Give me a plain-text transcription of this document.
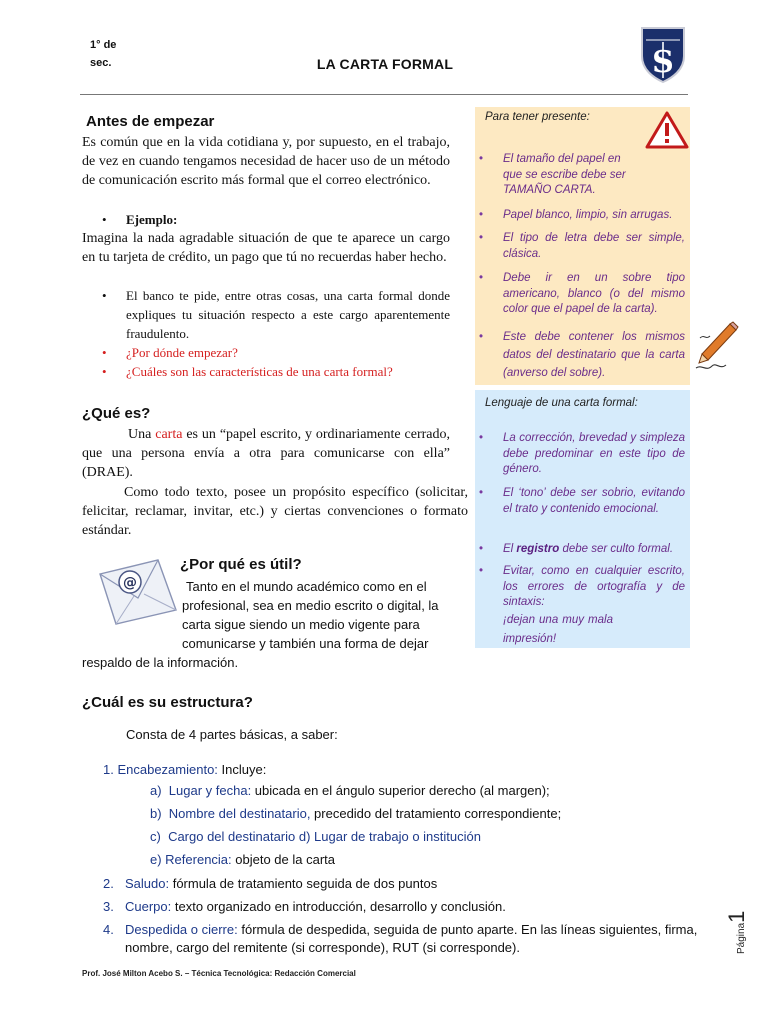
1° de
sec.	LA CARTA FORMAL	S
Antes de empezar
Es común que en la vida cotidiana y, por supuesto, en el trabajo, de vez en cuando tengamos necesidad de hacer uso de un método de comunicación escrito más formal que el correo electrónico.
• Ejemplo:
Imagina la nada agradable situación de que te aparece un cargo en tu tarjeta de crédito, un pago que tú no recuerdas haber hecho.
• El banco te pide, entre otras cosas, una carta formal donde expliques tu situación respecto a este cargo aparentemente fraudulento.
• ¿Por dónde empezar?
• ¿Cuáles son las características de una carta formal?
¿Qué es?
Una carta es un “papel escrito, y ordinariamente cerrado, que una persona envía a otra para comunicarse con ella” (DRAE).
Como todo texto, posee un propósito específico (solicitar, felicitar, reclamar, invitar, etc.) y ciertas convenciones o formato estándar.
@
¿Por qué es útil?
Tanto en el mundo académico como en el profesional, sea en medio escrito o digital, la carta sigue siendo un medio vigente para comunicarse y también una forma de dejar respaldo de la información.
¿Cuál es su estructura?
Consta de 4 partes básicas, a saber:
1. Encabezamiento: Incluye:
a)  Lugar y fecha: ubicada en el ángulo superior derecho (al margen);
b)  Nombre del destinatario, precedido del tratamiento correspondiente;
c)  Cargo del destinatario d) Lugar de trabajo o institución
e) Referencia: objeto de la carta
2. Saludo: fórmula de tratamiento seguida de dos puntos
3. Cuerpo: texto organizado en introducción, desarrollo y conclusión.
4. Despedida o cierre: fórmula de despedida, seguida de punto aparte. En las líneas siguientes, firma, nombre, cargo del remitente (si corresponde), RUT (si corresponde).
Para tener presente:
• El tamaño del papel en que se escribe debe ser TAMAÑO CARTA.
• Papel blanco, limpio, sin arrugas.
• El tipo de letra debe ser simple, clásica.
• Debe ir en un sobre tipo americano, blanco (o del mismo color que el papel de la carta).
• Este debe contener los mismos datos del destinatario que la carta (anverso del sobre).
Lenguaje de una carta formal:
• La corrección, brevedad y simpleza debe predominar en este tipo de género.
• El ‘tono’ debe ser sobrio, evitando el trato y contenido emocional.
• El registro debe ser culto formal.
• Evitar, como en cualquier escrito, los errores de ortografía y de sintaxis:
¡dejan una muy mala impresión!
Prof. José Milton Acebo S. – Técnica Tecnológica: Redacción Comercial
Página1
